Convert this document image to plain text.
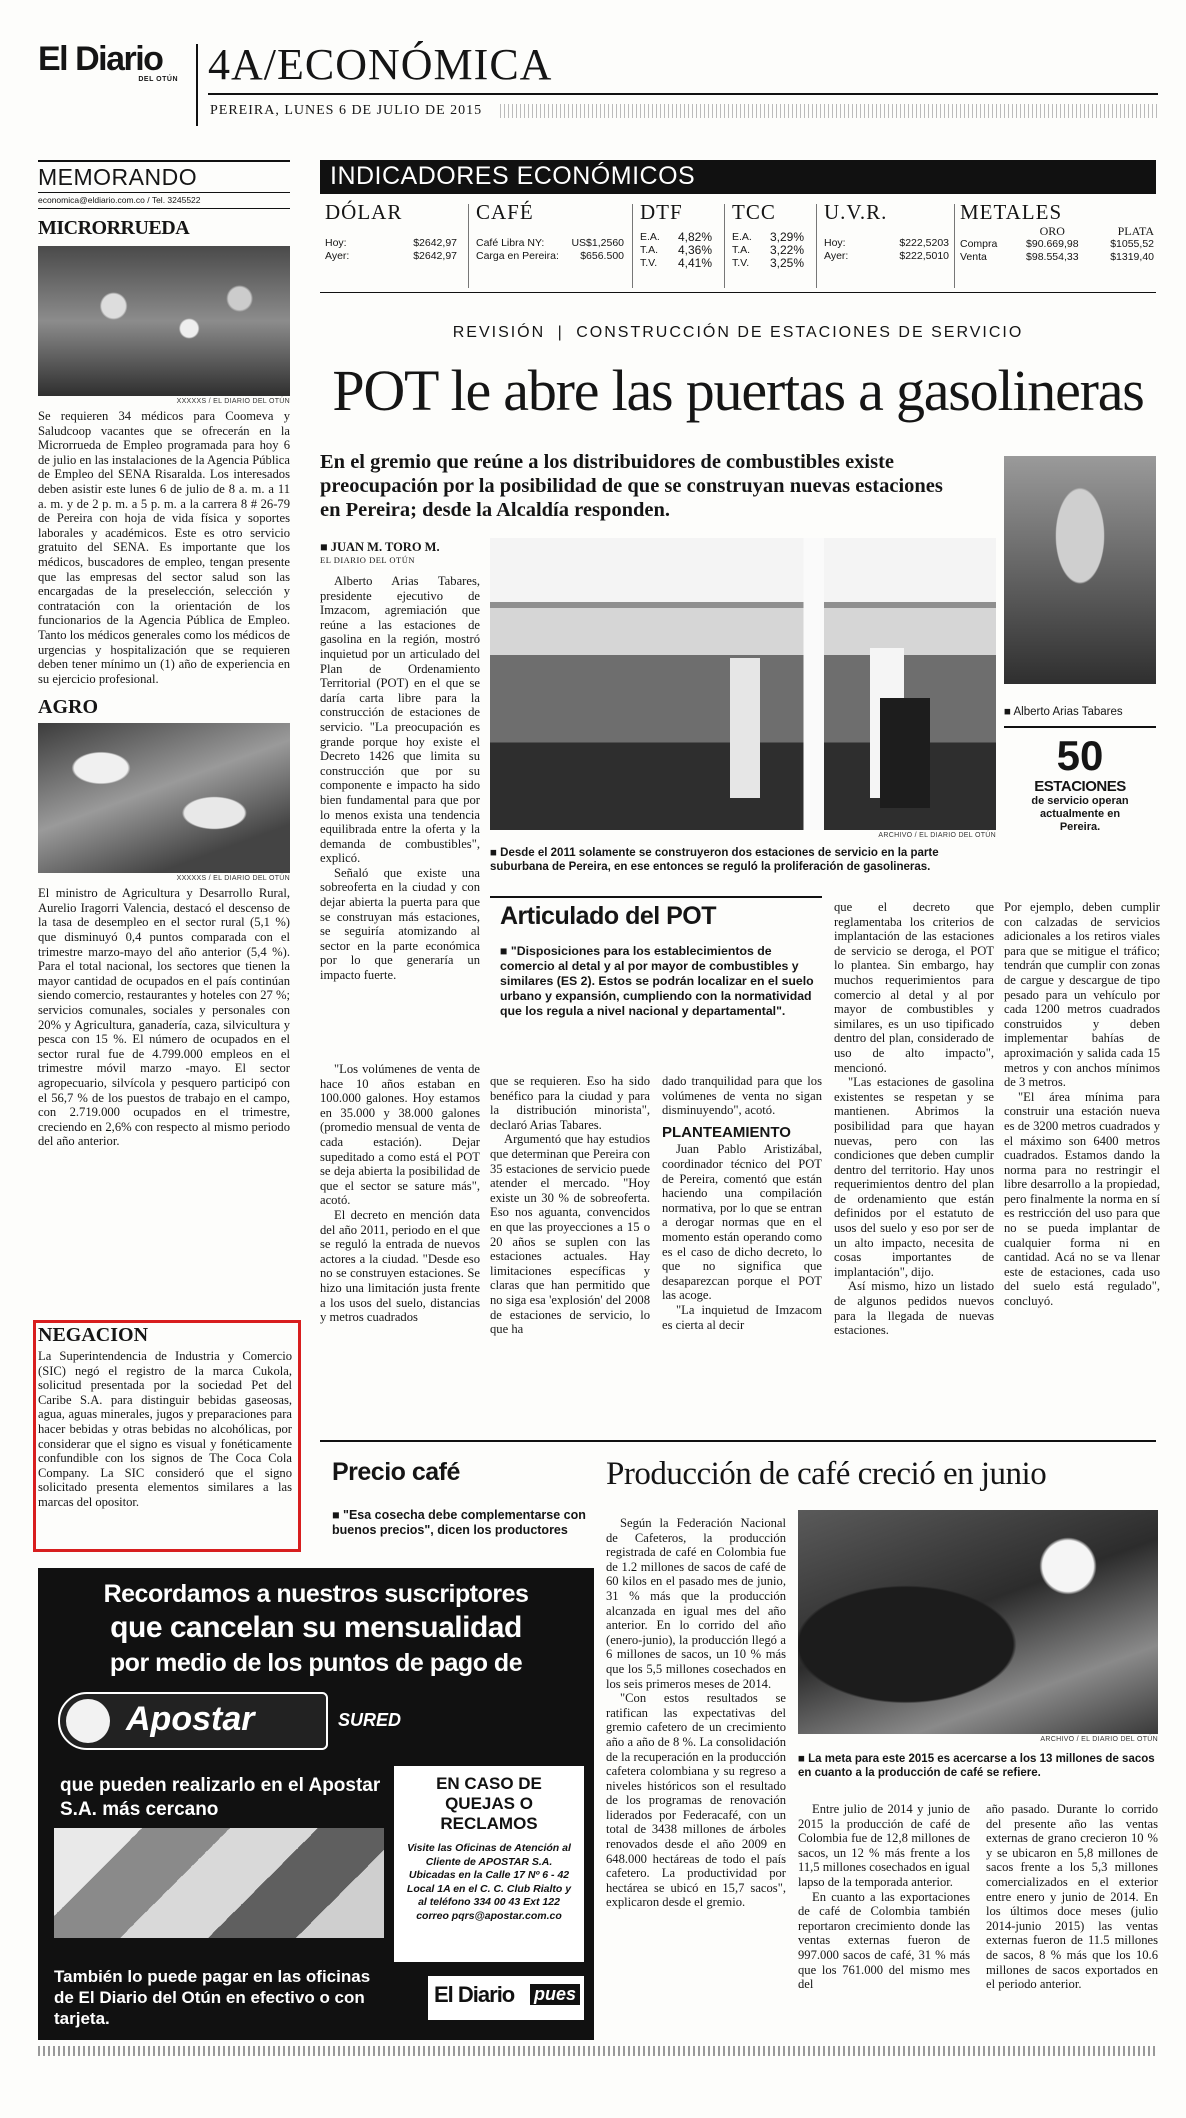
El Diario
DEL OTÚN 4A/ECONÓMICA
PEREIRA, LUNES 6 DE JULIO DE 2015
MEMORANDO
economica@eldiario.com.co / Tel. 3245522
MICRORRUEDA
XXXXXS / EL DIARIO DEL OTÚN
Se requieren 34 médicos para Coomeva y Saludcoop vacantes que se ofrecerán en la Microrrueda de Empleo programada para hoy 6 de julio en las instalaciones de la Agencia Pública de Empleo del SENA Risaralda. Los interesados deben asistir este lunes 6 de julio de 8 a. m. a 11 a. m. y de 2 p. m. a 5 p. m. a la carrera 8 # 26-79 de Pereira con hoja de vida física y soportes laborales y académicos. Este es otro servicio gratuito del SENA. Es importante que los médicos, buscadores de empleo, tengan presente que las empresas del sector salud son las encargadas de la preselección, selección y contratación con la orientación de los funcionarios de la Agencia Pública de Empleo. Tanto los médicos generales como los médicos de urgencias y hospitalización que se requieren deben tener mínimo un (1) año de experiencia en su ejercicio profesional.
AGRO
XXXXXS / EL DIARIO DEL OTÚN
El ministro de Agricultura y Desarrollo Rural, Aurelio Iragorri Valencia, destacó el descenso de la tasa de desempleo en el sector rural (5,1 %) que disminuyó 0,4 puntos comparada con el trimestre marzo-mayo del año anterior (5,4 %). Para el total nacional, los sectores que tienen la mayor cantidad de ocupados en el país continúan siendo comercio, restaurantes y hoteles con 27 %; servicios comunales, sociales y personales con 20% y Agricultura, ganadería, caza, silvicultura y pesca con 15 %. El número de ocupados en el sector rural fue de 4.799.000 empleos en el trimestre móvil marzo -mayo. El sector agropecuario, silvícola y pesquero participó con el 56,7 % de los puestos de trabajo en el campo, con 2.719.000 ocupados en el trimestre, creciendo en 2,6% con respecto al mismo periodo del año anterior.
NEGACION
La Superintendencia de Industria y Comercio (SIC) negó el registro de la marca Cukola, solicitud presentada por la sociedad Pet del Caribe S.A. para distinguir bebidas gaseosas, agua, aguas minerales, jugos y preparaciones para hacer bebidas y otras bebidas no alcohólicas, por considerar que el signo es visual y fonéticamente confundible con los signos de The Coca Cola Company. La SIC consideró que el signo solicitado presenta elementos similares a las marcas del opositor.
INDICADORES ECONÓMICOS
DÓLAR
Hoy:	$2642,97
Ayer:	$2642,97
CAFÉ
Café Libra NY:	US$1,2560
Carga en Pereira:	$656.500
DTF
E.A.	4,82%
T.A.	4,36%
T.V.	4,41%
TCC
E.A.	3,29%
T.A.	3,22%
T.V.	3,25%
U.V.R.
Hoy:	$222,5203
Ayer:	$222,5010
METALES
	ORO	PLATA
Compra	$90.669,98	$1055,52
Venta	$98.554,33	$1319,40
REVISIÓN | CONSTRUCCIÓN DE ESTACIONES DE SERVICIO
POT le abre las puertas a gasolineras
En el gremio que reúne a los distribuidores de combustibles existe preocupación por la posibilidad de que se construyan nuevas estaciones en Pereira; desde la Alcaldía responden.
■ Alberto Arias Tabares
50
ESTACIONES
de servicio operan actualmente en Pereira.
■ JUAN M. TORO M.
EL DIARIO DEL OTÚN

Alberto Arias Tabares, presidente ejecutivo de Imzacom, agremiación que reúne a las estaciones de gasolina en la región, mostró inquietud por un articulado del Plan de Ordenamiento Territorial (POT) en el que se daría carta libre para la construcción de estaciones de servicio. "La preocupación es grande porque hoy existe el Decreto 1426 que limita su construcción que por su componente e impacto ha sido bien fundamental para que por lo menos exista una tendencia equilibrada entre la oferta y la demanda de combustibles", explicó.

Señaló que existe una sobreoferta en la ciudad y con dejar abierta la puerta para que se construyan más estaciones, se seguiría atomizando al sector en la parte económica por lo que generaría un impacto fuerte.

ARCHIVO / EL DIARIO DEL OTÚN
■ Desde el 2011 solamente se construyeron dos estaciones de servicio en la parte suburbana de Pereira, en ese entonces se reguló la proliferación de gasolineras.

"Los volúmenes de venta de hace 10 años estaban en 100.000 galones. Hoy estamos en 35.000 y 38.000 galones (promedio mensual de venta de cada estación). Dejar supeditado a como está el POT se deja abierta la posibilidad de que el sector se sature más", acotó.

El decreto en mención data del año 2011, periodo en el que se reguló la entrada de nuevos actores a la ciudad. "Desde eso no se construyen estaciones. Se hizo una limitación justa frente a los usos del suelo, distancias y metros cuadrados

Articulado del POT
■ "Disposiciones para los establecimientos de comercio al detal y al por mayor de combustibles y similares (ES 2). Estos se podrán localizar en el suelo urbano y expansión, cumpliendo con la normatividad que los regula a nivel nacional y departamental".

que se requieren. Eso ha sido benéfico para la ciudad y para la distribución minorista", declaró Arias Tabares.

Argumentó que hay estudios que determinan que Pereira con 35 estaciones de servicio puede atender el mercado. "Hoy existe un 30 % de sobreoferta. Eso nos aguanta, convencidos en que las proyecciones a 15 o 20 años se suplen con las estaciones actuales. Hay limitaciones específicas y claras que han permitido que no siga esa 'explosión' del 2008 de estaciones de servicio, lo que ha

dado tranquilidad para que los volúmenes de venta no sigan disminuyendo", acotó.

PLANTEAMIENTO

Juan Pablo Aristizábal, coordinador técnico del POT de Pereira, comentó que están haciendo una compilación normativa, por lo que se entran a derogar normas que en el momento están operando como es el caso de dicho decreto, lo que no significa que desaparezcan porque el POT las acoge.

"La inquietud de Imzacom es cierta al decir

que el decreto que reglamentaba los criterios de implantación de las estaciones de servicio se deroga, el POT lo plantea. Sin embargo, hay muchos requerimientos para comercio al detal y al por mayor de combustibles y similares, es un uso tipificado dentro del plan, considerado de uso de alto impacto", mencionó.

"Las estaciones de gasolina existentes se respetan y se mantienen. Abrimos la posibilidad para que hayan nuevas, pero con las condiciones que deben cumplir dentro del territorio. Hay unos requerimientos dentro del plan de ordenamiento que están definidos por el estatuto de usos del suelo y eso por ser de un alto impacto, necesita de cosas importantes de implantación", dijo.

Así mismo, hizo un listado de algunos pedidos nuevos para la llegada de nuevas estaciones.

Por ejemplo, deben cumplir con calzadas de servicios adicionales a los retiros viales para que se mitigue el tráfico; tendrán que cumplir con zonas de cargue y descargue de tipo pesado para un vehículo por cada 1200 metros cuadrados construidos y deben implementar bahías de aproximación y salida cada 15 metros y con anchos mínimos de 3 metros.

"El área mínima para construir una estación nueva es de 3200 metros cuadrados y el máximo son 6400 metros cuadrados. Estamos dando la norma para no restringir el libre desarrollo a la propiedad, pero finalmente la norma en sí es restricción del uso para que no se pueda implantar de cualquier forma ni en cantidad. Acá no se va llenar este de estaciones, cada uso del suelo está regulado", concluyó.

Precio café
■ "Esa cosecha debe complementarse con buenos precios", dicen los productores
Producción de café creció en junio

Según la Federación Nacional de Cafeteros, la producción registrada de café en Colombia fue de 1.2 millones de sacos de café de 60 kilos en el pasado mes de junio, 31 % más que la producción alcanzada en igual mes del año anterior. En lo corrido del año (enero-junio), la producción llegó a 6 millones de sacos, un 10 % más que los 5,5 millones cosechados en los seis primeros meses de 2014.

"Con estos resultados se ratifican las expectativas del gremio cafetero de un crecimiento año a año de 8 %. La consolidación de la recuperación en la producción cafetera colombiana y su regreso a niveles históricos son el resultado de los programas de renovación liderados por Federacafé, con un total de 3438 millones de árboles renovados desde el año 2009 en 648.000 hectáreas de todo el país cafetero. La productividad por hectárea se ubicó en 15,7 sacos", explicaron desde el gremio.

ARCHIVO / EL DIARIO DEL OTÚN
■ La meta para este 2015 es acercarse a los 13 millones de sacos en cuanto a la producción de café se refiere.

Entre julio de 2014 y junio de 2015 la producción de café de Colombia fue de 12,8 millones de sacos, un 12 % más frente a los 11,5 millones cosechados en igual lapso de la temporada anterior.

En cuanto a las exportaciones de café de Colombia también reportaron crecimiento donde las ventas externas fueron de 997.000 sacos de café, 31 % más que los 761.000 del mismo mes del

año pasado. Durante lo corrido del presente año las ventas externas de grano crecieron 10 % y se ubicaron en 5,8 millones de sacos frente a los 5,3 millones comercializados en el exterior entre enero y junio de 2014. En los últimos doce meses (julio 2014-junio 2015) las ventas externas fueron de 11.5 millones de sacos, 8 % más que los 10.6 millones de sacos exportados en el periodo anterior.

Recordamos a nuestros suscriptores
que cancelan su mensualidad
por medio de los puntos de pago de
Apostar	SURED
que pueden realizarlo en el Apostar S.A. más cercano
EN CASO DE QUEJAS O RECLAMOS
Visite las Oficinas de Atención al Cliente de APOSTAR S.A. Ubicadas en la Calle 17 Nº 6 - 42 Local 1A en el C. C. Club Rialto y al teléfono 334 00 43 Ext 122 correo pqrs@apostar.com.co
También lo puede pagar en las oficinas
de El Diario del Otún en efectivo o con tarjeta.
El Diario pues
